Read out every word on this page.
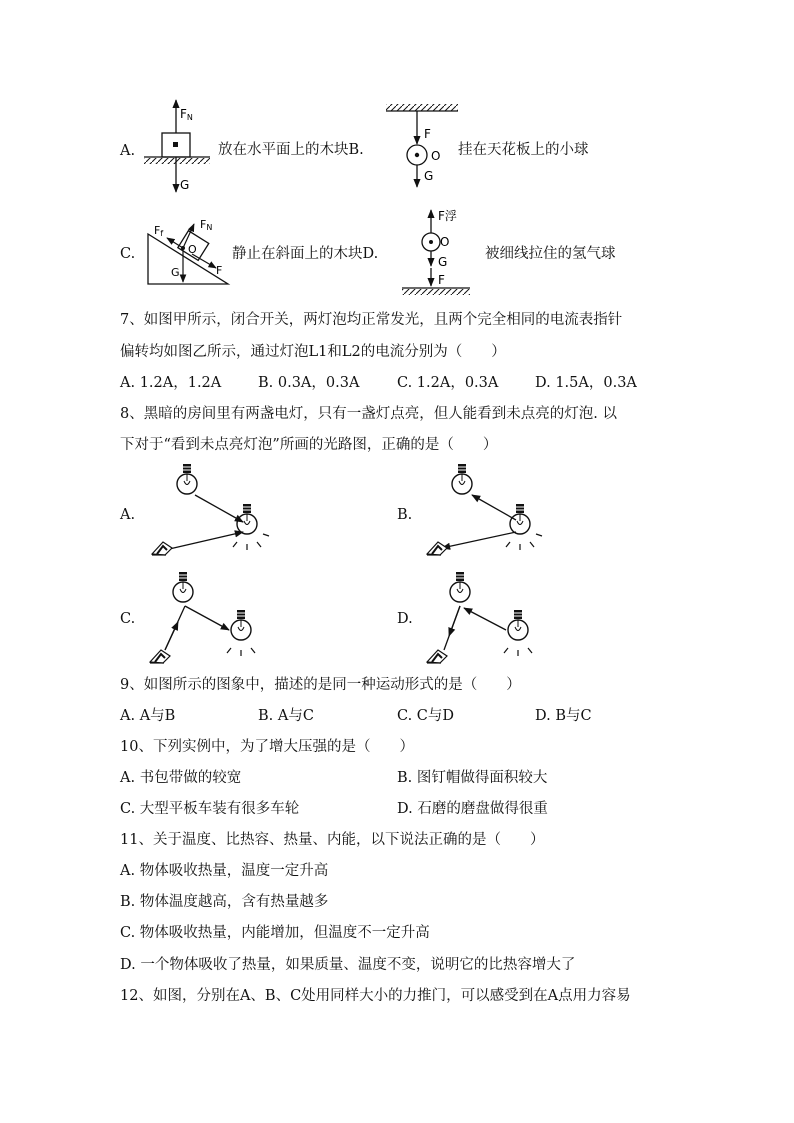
A.
FN
G
放在水平面上的木块B.
F
O
G
挂在天花板上的小球
C.
Ff
FN
O
G	F
静止在斜面上的木块D.
F浮
O
G
F
被细线拉住的氢气球
7、如图甲所示，闭合开关，两灯泡均正常发光，且两个完全相同的电流表指针
偏转均如图乙所示，通过灯泡L1和L2的电流分别为（　　）
A. 1.2A，1.2A	B. 0.3A，0.3A	C. 1.2A，0.3A	D. 1.5A，0.3A
8、黑暗的房间里有两盏电灯，只有一盏灯点亮，但人能看到未点亮的灯泡. 以
下对于“看到未点亮灯泡”所画的光路图，正确的是（　　）
A.	B.
C.	D.
9、如图所示的图象中，描述的是同一种运动形式的是（　　）
A. A与B	B. A与C	C. C与D	D. B与C
10、下列实例中，为了增大压强的是（　　）
A. 书包带做的较宽	B. 图钉帽做得面积较大
C. 大型平板车装有很多车轮	D. 石磨的磨盘做得很重
11、关于温度、比热容、热量、内能，以下说法正确的是（　　）
A. 物体吸收热量，温度一定升高
B. 物体温度越高，含有热量越多
C. 物体吸收热量，内能增加，但温度不一定升高
D. 一个物体吸收了热量，如果质量、温度不变，说明它的比热容增大了
12、如图，分别在A、B、C处用同样大小的力推门，可以感受到在A点用力容易
